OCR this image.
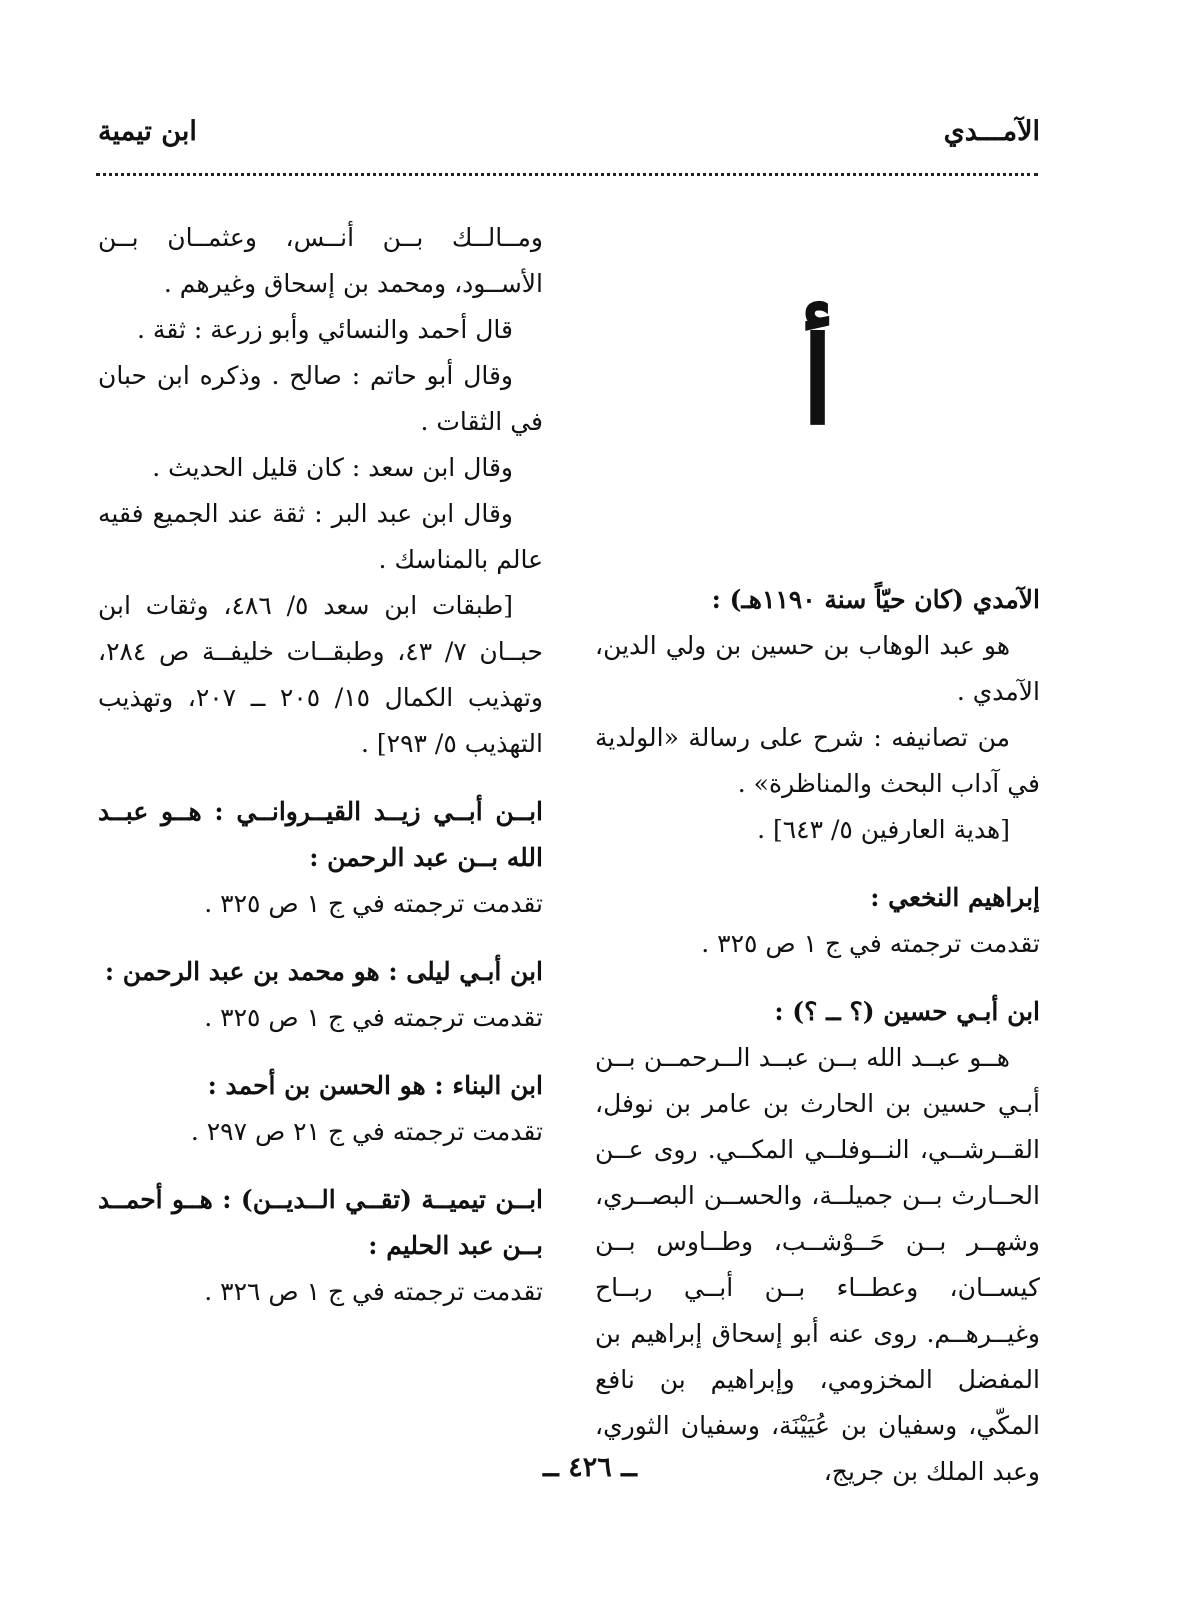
الآمـــدي
ابن تيمية
أ

الآمدي (كان حيّاً سنة ١١٩٠هـ) :

هو عبد الوهاب بن حسين بن ولي الدين، الآمدي .

من تصانيفه : شرح على رسالة «الولدية في آداب البحث والمناظرة» .

[هدية العارفين ٥/ ٦٤٣] .

إبراهيم النخعي :

تقدمت ترجمته في ج ١ ص ٣٢٥ .

ابن أبـي حسين (؟ ــ ؟) :

هــو عبــد الله بــن عبــد الــرحمــن بــن أبـي حسين بن الحارث بن عامر بن نوفل، القــرشــي، النــوفلــي المكــي. روى عــن الحــارث بــن جميلــة، والحســن البصــري، وشهــر بــن حَــوْشــب، وطــاوس بــن كيســان، وعطــاء بــن أبــي ربــاح وغيــرهــم. روى عنه أبو إسحاق إبراهيم بن المفضل المخزومي، وإبراهيم بن نافع المكّي، وسفيان بن عُيَيْنَة، وسفيان الثوري، وعبد الملك بن جريج،

ومــالــك بــن أنــس، وعثمــان بــن الأســود، ومحمد بن إسحاق وغيرهم .

قال أحمد والنسائي وأبو زرعة : ثقة .

وقال أبو حاتم : صالح . وذكره ابن حبان في الثقات .

وقال ابن سعد : كان قليل الحديث .

وقال ابن عبد البر : ثقة عند الجميع فقيه عالم بالمناسك .

[طبقات ابن سعد ٥/ ٤٨٦، وثقات ابن حبــان ٧/ ٤٣، وطبقــات خليفــة ص ٢٨٤، وتهذيب الكمال ١٥/ ٢٠٥ ــ ٢٠٧، وتهذيب التهذيب ٥/ ٢٩٣] .

ابــن أبــي زيــد القيــروانــي : هــو عبــد الله بــن عبد الرحمن :

تقدمت ترجمته في ج ١ ص ٣٢٥ .

ابن أبـي ليلى : هو محمد بن عبد الرحمن :

تقدمت ترجمته في ج ١ ص ٣٢٥ .

ابن البناء : هو الحسن بن أحمد :

تقدمت ترجمته في ج ٢١ ص ٢٩٧ .

ابــن تيميــة (تقــي الــديــن) : هــو أحمــد بــن عبد الحليم :

تقدمت ترجمته في ج ١ ص ٣٢٦ .

ــ ٤٢٦ ــ
